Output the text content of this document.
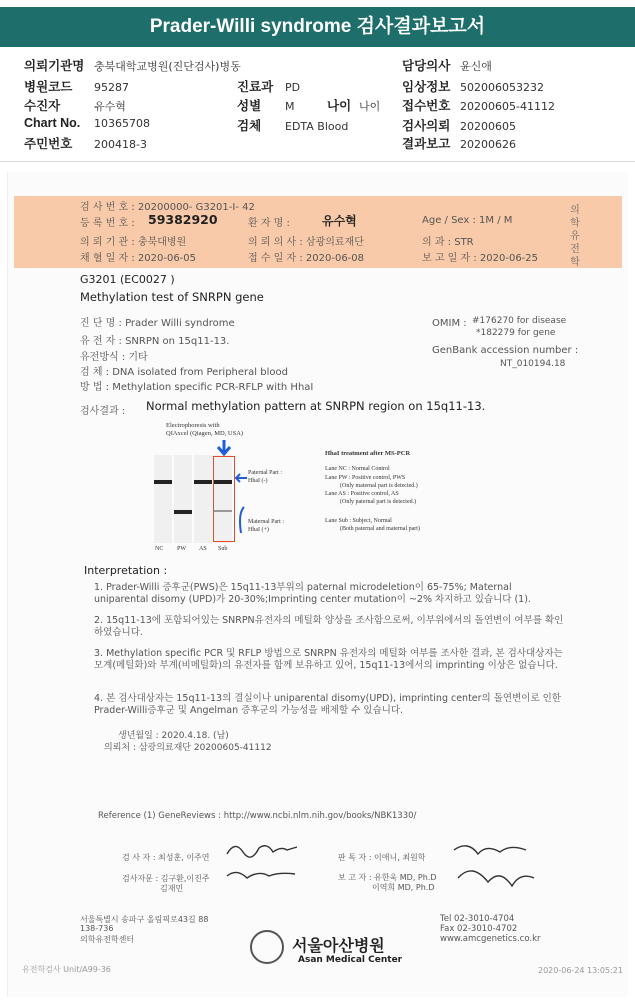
Prader-Willi syndrome 검사결과보고서
의뢰기관명 충북대학교병원(진단검사)병동	담당의사 윤신애
병원코드 95287	진료과 PD	임상정보 502006053232
수진자	유수혁	성별 M	나이 나이 접수번호 20200605-41112
Chart No. 10365708	검체 EDTA Blood	검사의뢰 20200605
주민번호 200418-3	결과보고 20200626
검 사 번 호 : 20200000- G3201-I- 42
등 록 번 호 : 59382920	환 자 명 :	유수혁	Age / Sex : 1M / M
의 뢰 기 관 : 충북대병원	의 뢰 의 사 : 삼광의료재단	의 과 : STR
채 혈 일 자 : 2020-06-05	접 수 일 자 : 2020-06-08	보 고 일 자 : 2020-06-25
의학유전학
G3201 (EC0027 )
Methylation test of SNRPN gene
진 단 명 : Prader Willi syndrome
유 전 자 : SNRPN on 15q11-13.
유전방식 : 기타
검 체 : DNA isolated from Peripheral blood
방 법 : Methylation specific PCR-RFLP with HhaI
OMIM : #176270 for disease
*182279 for gene
GenBank accession number :
NT_010194.18
검사결과 : Normal methylation pattern at SNRPN region on 15q11-13.
Electrophoresis with
QIAxcel (Qiagen, MD, USA)
NC PW AS Sub
Paternal Part :
HhaI (-)
Maternal Part :
HhaI (+)
HhaI treatment after MS-PCR
Lane NC : Normal Control
Lane PW : Positive control, PWS
(Only maternal part is detected.)
Lane AS : Positive control, AS
(Only paternal part is detected.)
Lane Sub : Subject, Normal
(Both paternal and maternal part)
Interpretation :
1. Prader-Willi 증후군(PWS)은 15q11-13부위의 paternal microdeletion이 65-75%; Maternal uniparental disomy (UPD)가 20-30%;Imprinting center mutation이 ~2% 차지하고 있습니다 (1).
2. 15q11-13에 포함되어있는 SNRPN유전자의 메틸화 양상을 조사함으로써, 이부위에서의 돌연변이 여부를 확인하였습니다.
3. Methylation specific PCR 및 RFLP 방법으로 SNRPN 유전자의 메틸화 여부를 조사한 결과, 본 검사대상자는 모계(메틸화)와 부계(비메틸화)의 유전자를 함께 보유하고 있어, 15q11-13에서의 imprinting 이상은 없습니다.
4. 본 검사대상자는 15q11-13의 결실이나 uniparental disomy(UPD), imprinting center의 돌연변이로 인한 Prader-Willi증후군 및 Angelman 증후군의 가능성을 배제할 수 있습니다.
생년월일 : 2020.4.18. (남)
의뢰처 : 삼광의료재단 20200605-41112
Reference (1) GeneReviews : http://www.ncbi.nlm.nih.gov/books/NBK1330/
검 사 자 : 최성훈, 이주연
검사자문 : 김구환,이진주
김재민
판 독 자 : 이애니, 최원학
보 고 자 : 유한욱 MD, Ph.D
이역희 MD, Ph.D
서울특별시 송파구 올림픽로43길 88
138-736
의학유전학센터	서울아산병원
Asan Medical Center
Tel 02-3010-4704
Fax 02-3010-4702
www.amcgenetics.co.kr
유전학검사 Unit/A99-36	2020-06-24 13:05:21
